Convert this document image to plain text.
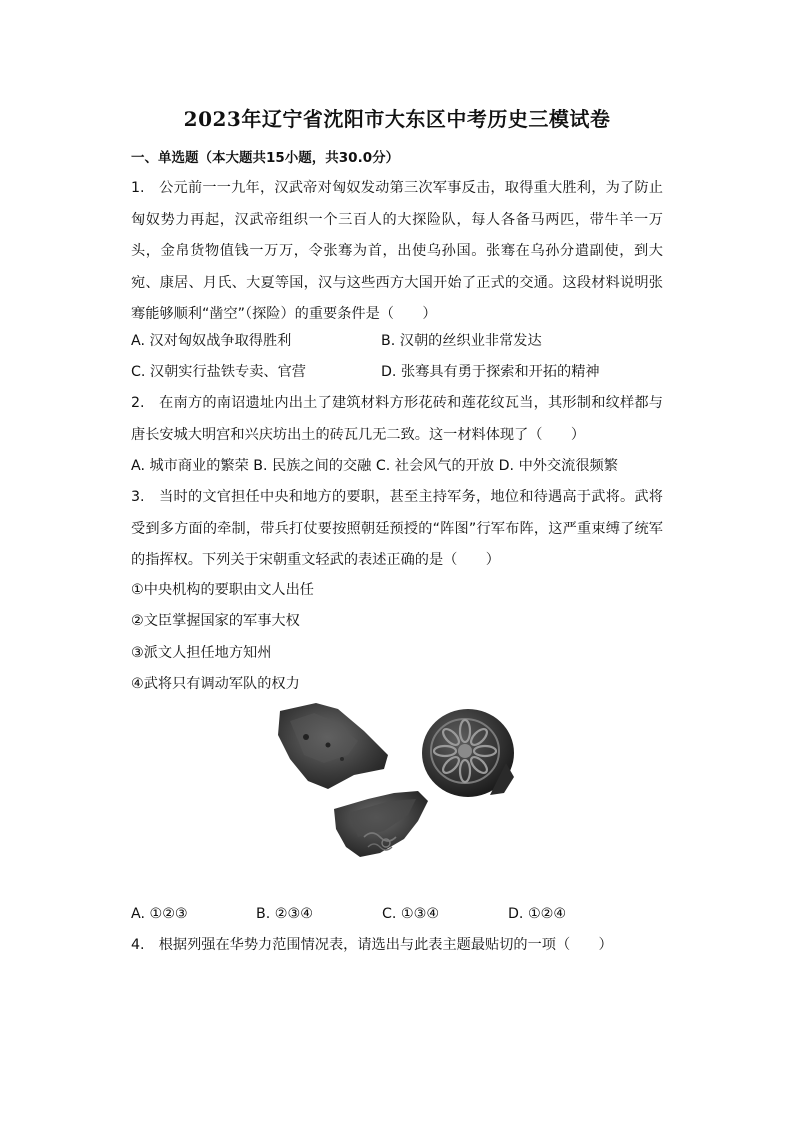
2023年辽宁省沈阳市大东区中考历史三模试卷
一、单选题（本大题共15小题，共30.0分）
1.　公元前一一九年，汉武帝对匈奴发动第三次军事反击，取得重大胜利，为了防止匈奴势力再起，汉武帝组织一个三百人的大探险队，每人各备马两匹，带牛羊一万头，金帛货物值钱一万万，令张骞为首，出使乌孙国。张骞在乌孙分遣副使，到大宛、康居、月氏、大夏等国，汉与这些西方大国开始了正式的交通。这段材料说明张骞能够顺利“凿空”（探险）的重要条件是（　　）
A. 汉对匈奴战争取得胜利	B. 汉朝的丝织业非常发达
C. 汉朝实行盐铁专卖、官营	D. 张骞具有勇于探索和开拓的精神
2.　在南方的南诏遗址内出土了建筑材料方形花砖和莲花纹瓦当，其形制和纹样都与唐长安城大明宫和兴庆坊出土的砖瓦几无二致。这一材料体现了（　　）
A. 城市商业的繁荣 B. 民族之间的交融 C. 社会风气的开放 D. 中外交流很频繁
3.　当时的文官担任中央和地方的要职，甚至主持军务，地位和待遇高于武将。武将受到多方面的牵制，带兵打仗要按照朝廷预授的“阵图”行军布阵，这严重束缚了统军的指挥权。下列关于宋朝重文轻武的表述正确的是（　　）
①中央机构的要职由文人出任
②文臣掌握国家的军事大权
③派文人担任地方知州
④武将只有调动军队的权力
A. ①②③	B. ②③④	C. ①③④	D. ①②④
4.　根据列强在华势力范围情况表，请选出与此表主题最贴切的一项（　　）
